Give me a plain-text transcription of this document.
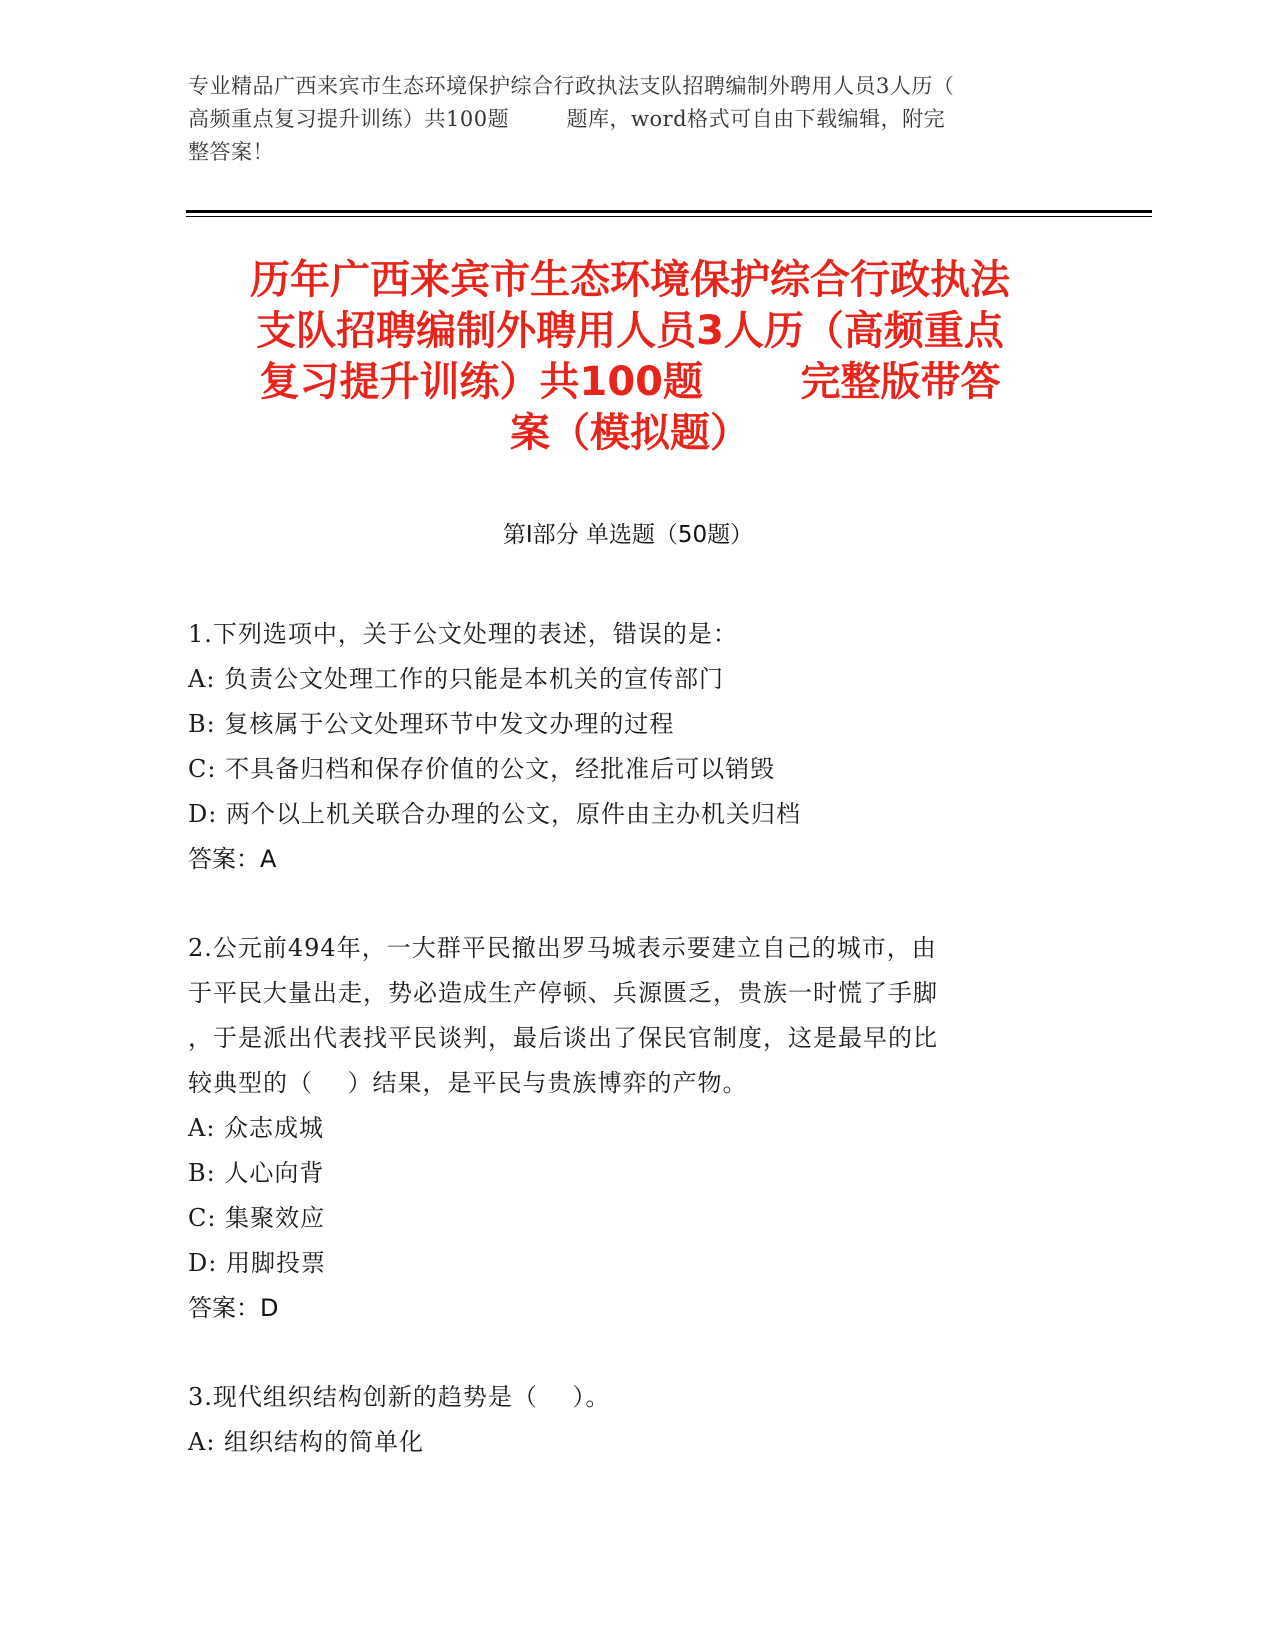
专业精品广西来宾市生态环境保护综合行政执法支队招聘编制外聘用人员3人历（
高频重点复习提升训练）共100题        题库，word格式可自由下载编辑，附完
整答案！
历年广西来宾市生态环境保护综合行政执法
支队招聘编制外聘用人员3人历（高频重点
复习提升训练）共100题       完整版带答
案（模拟题）
第Ⅰ部分 单选题（50题）
1.下列选项中，关于公文处理的表述，错误的是：
A: 负责公文处理工作的只能是本机关的宣传部门
B: 复核属于公文处理环节中发文办理的过程
C: 不具备归档和保存价值的公文，经批准后可以销毁
D: 两个以上机关联合办理的公文，原件由主办机关归档
答案：A
2.公元前494年，一大群平民撤出罗马城表示要建立自己的城市，由
于平民大量出走，势必造成生产停顿、兵源匮乏，贵族一时慌了手脚
，于是派出代表找平民谈判，最后谈出了保民官制度，这是最早的比
较典型的（    ）结果，是平民与贵族博弈的产物。
A: 众志成城
B: 人心向背
C: 集聚效应
D: 用脚投票
答案：D
3.现代组织结构创新的趋势是（    ）。
A: 组织结构的简单化
